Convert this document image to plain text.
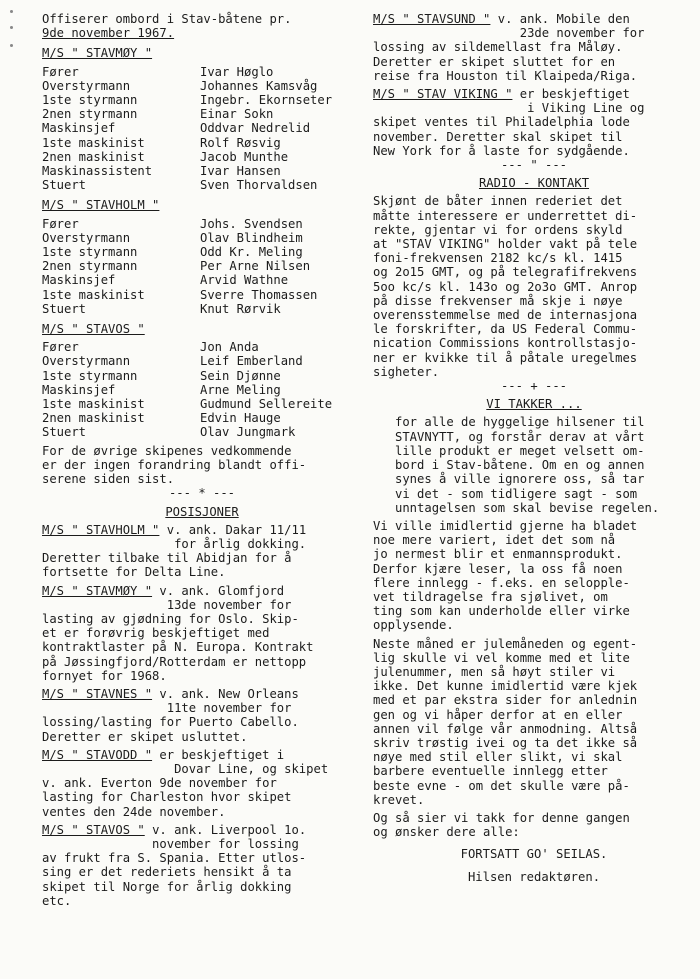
Offiserer ombord i Stav-båtene pr.
9de november 1967.
M/S " STAVMØY "
Fører	Ivar Høglo
Overstyrmann	Johannes Kamsvåg
1ste styrmann	Ingebr. Ekornseter
2nen styrmann	Einar Sokn
Maskinsjef	Oddvar Nedrelid
1ste maskinist	Rolf Røsvig
2nen maskinist	Jacob Munthe
Maskinassistent	Ivar Hansen
Stuert	Sven Thorvaldsen
M/S " STAVHOLM "
Fører	Johs. Svendsen
Overstyrmann	Olav Blindheim
1ste styrmann	Odd Kr. Meling
2nen styrmann	Per Arne Nilsen
Maskinsjef	Arvid Wathne
1ste maskinist	Sverre Thomassen
Stuert	Knut Rørvik
M/S " STAVOS "
Fører	Jon Anda
Overstyrmann	Leif Emberland
1ste styrmann	Sein Djønne
Maskinsjef	Arne Meling
1ste maskinist	Gudmund Sellereite
2nen maskinist	Edvin Hauge
Stuert	Olav Jungmark
For de øvrige skipenes vedkommende
er der ingen forandring blandt offi-
serene siden sist.
--- * ---
POSISJONER
M/S " STAVHOLM " v. ank. Dakar 11/11
for årlig dokking.
Deretter tilbake til Abidjan for å
fortsette for Delta Line.
M/S " STAVMØY " v. ank. Glomfjord
13de november for
lasting av gjødning for Oslo. Skip-
et er forøvrig beskjeftiget med
kontraktlaster på N. Europa. Kontrakt
på Jøssingfjord/Rotterdam er nettopp
fornyet for 1968.
M/S " STAVNES " v. ank. New Orleans
11te november for
lossing/lasting for Puerto Cabello.
Deretter er skipet usluttet.
M/S " STAVODD " er beskjeftiget i
Dovar Line, og skipet
v. ank. Everton 9de november for
lasting for Charleston hvor skipet
ventes den 24de november.
M/S " STAVOS " v. ank. Liverpool 1o.
november for lossing
av frukt fra S. Spania. Etter utlos-
sing er det rederiets hensikt å ta
skipet til Norge for årlig dokking
etc.
M/S " STAVSUND " v. ank. Mobile den
23de november for
lossing av sildemellast fra Måløy.
Deretter er skipet sluttet for en
reise fra Houston til Klaipeda/Riga.
M/S " STAV VIKING " er beskjeftiget
i Viking Line og
skipet ventes til Philadelphia lode
november. Deretter skal skipet til
New York for å laste for sydgående.
--- " ---
RADIO - KONTAKT
Skjønt de båter innen rederiet det
måtte interessere er underrettet di-
rekte, gjentar vi for ordens skyld
at "STAV VIKING" holder vakt på tele
foni-frekvensen 2182 kc/s kl. 1415
og 2o15 GMT, og på telegrafifrekvens
5oo kc/s kl. 143o og 2o3o GMT. Anrop
på disse frekvenser må skje i nøye
overensstemmelse med de internasjona
le forskrifter, da US Federal Commu-
nication Commissions kontrollstasjo-
ner er kvikke til å påtale uregelmes
sigheter.
--- + ---
VI TAKKER ...
for alle de hyggelige hilsener til
STAVNYTT, og forstår derav at vårt
lille produkt er meget velsett om-
bord i Stav-båtene. Om en og annen
synes å ville ignorere oss, så tar
vi det - som tidligere sagt - som
unntagelsen som skal bevise regelen.
Vi ville imidlertid gjerne ha bladet
noe mere variert, idet det som nå
jo nermest blir et enmannsprodukt.
Derfor kjære leser, la oss få noen
flere innlegg - f.eks. en selopple-
vet tildragelse fra sjølivet, om
ting som kan underholde eller virke
opplysende.
Neste måned er julemåneden og egent-
lig skulle vi vel komme med et lite
julenummer, men så høyt stiler vi
ikke. Det kunne imidlertid være kjek
med et par ekstra sider for anlednin
gen og vi håper derfor at en eller
annen vil følge vår anmodning. Altså
skriv trøstig ivei og ta det ikke så
nøye med stil eller slikt, vi skal
barbere eventuelle innlegg etter
beste evne - om det skulle være på-
krevet.
Og så sier vi takk for denne gangen
og ønsker dere alle:
FORTSATT GO' SEILAS.
Hilsen redaktøren.
